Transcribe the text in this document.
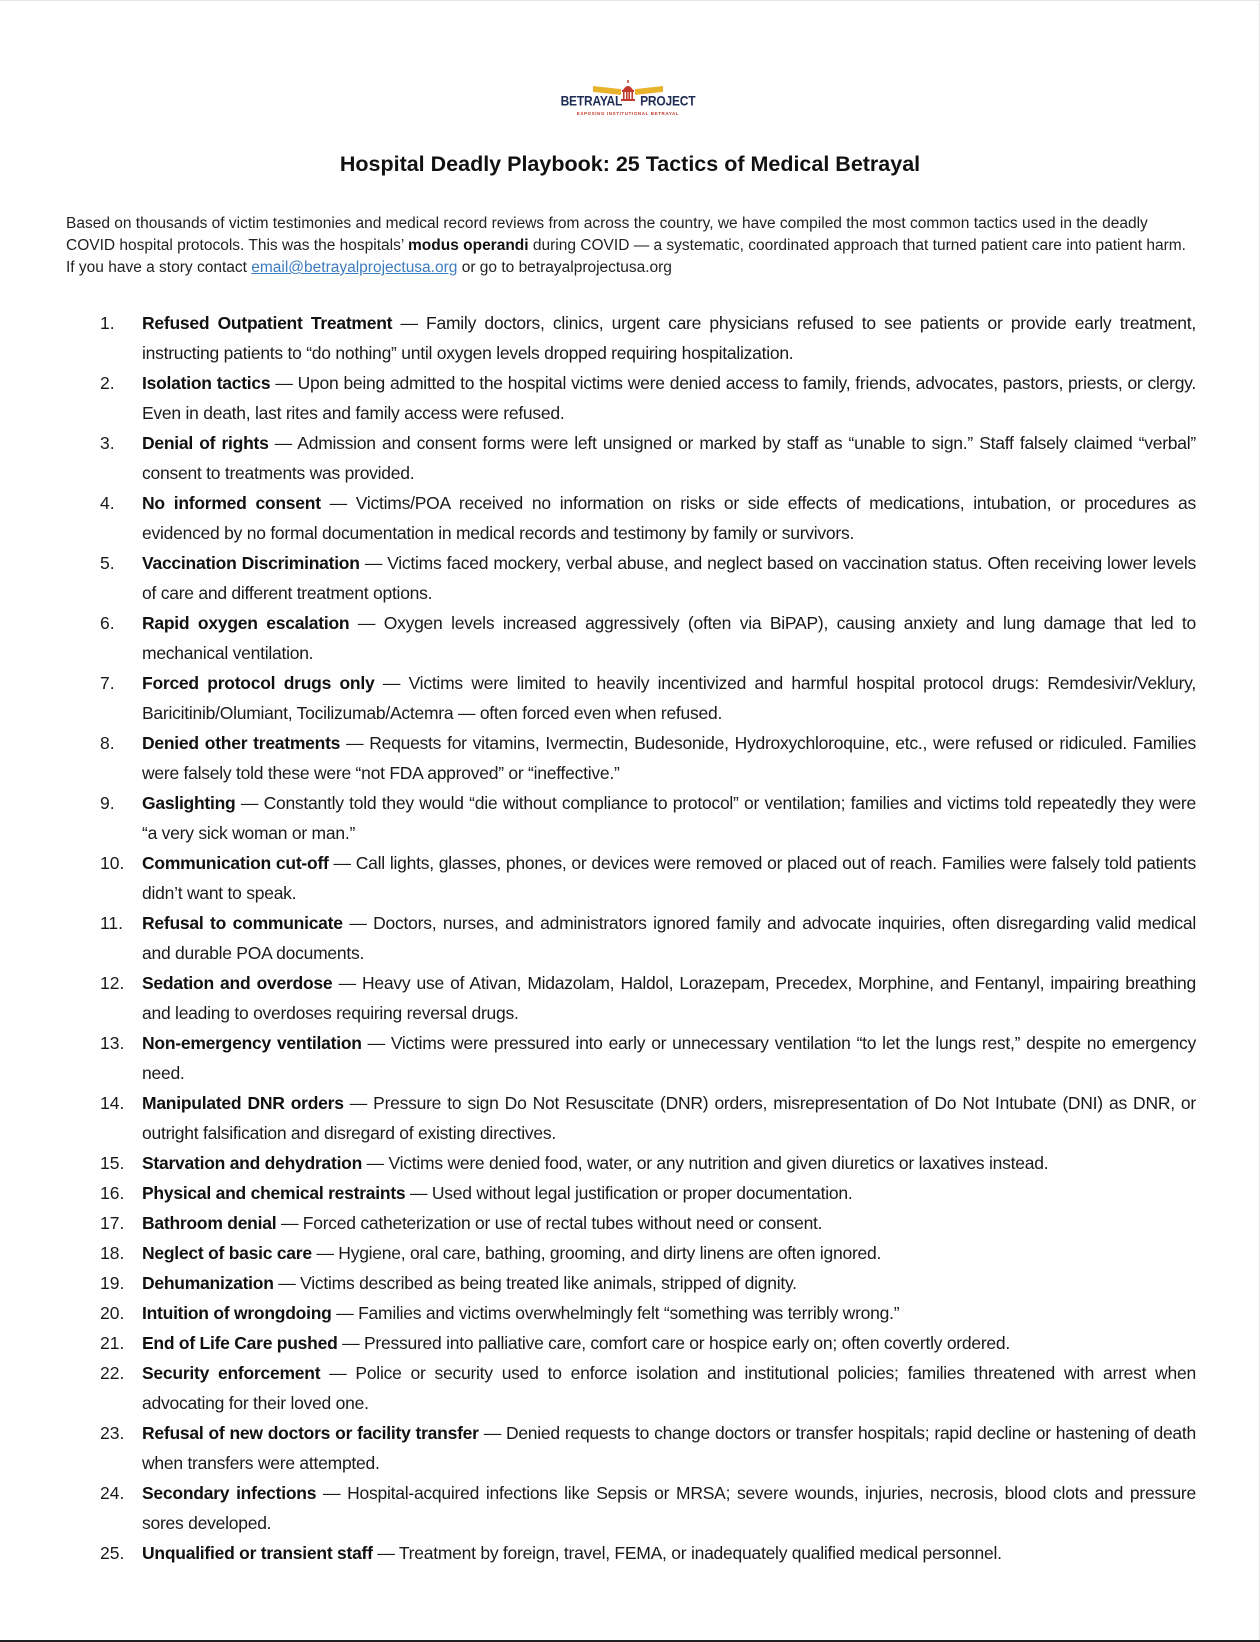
BETRAYAL PROJECT
EXPOSING INSTITUTIONAL BETRAYAL
Hospital Deadly Playbook: 25 Tactics of Medical Betrayal

Based on thousands of victim testimonies and medical record reviews from across the country, we have compiled the most common tactics used in the deadly COVID hospital protocols. This was the hospitals’ modus operandi during COVID — a systematic, coordinated approach that turned patient care into patient harm. If you have a story contact email@betrayalprojectusa.org or go to betrayalprojectusa.org

1.	Refused Outpatient Treatment — Family doctors, clinics, urgent care physicians refused to see patients or provide early treatment, instructing patients to “do nothing” until oxygen levels dropped requiring hospitalization.
2.	Isolation tactics — Upon being admitted to the hospital victims were denied access to family, friends, advocates, pastors, priests, or clergy. Even in death, last rites and family access were refused.
3.	Denial of rights — Admission and consent forms were left unsigned or marked by staff as “unable to sign.” Staff falsely claimed “verbal” consent to treatments was provided.
4.	No informed consent — Victims/POA received no information on risks or side effects of medications, intubation, or procedures as evidenced by no formal documentation in medical records and testimony by family or survivors.
5.	Vaccination Discrimination — Victims faced mockery, verbal abuse, and neglect based on vaccination status. Often receiving lower levels of care and different treatment options.
6.	Rapid oxygen escalation — Oxygen levels increased aggressively (often via BiPAP), causing anxiety and lung damage that led to mechanical ventilation.
7.	Forced protocol drugs only — Victims were limited to heavily incentivized and harmful hospital protocol drugs: Remdesivir/Veklury, Baricitinib/Olumiant, Tocilizumab/Actemra — often forced even when refused.
8.	Denied other treatments — Requests for vitamins, Ivermectin, Budesonide, Hydroxychloroquine, etc., were refused or ridiculed. Families were falsely told these were “not FDA approved” or “ineffective.”
9.	Gaslighting — Constantly told they would “die without compliance to protocol” or ventilation; families and victims told repeatedly they were “a very sick woman or man.”
10.	Communication cut-off — Call lights, glasses, phones, or devices were removed or placed out of reach. Families were falsely told patients didn’t want to speak.
11.	Refusal to communicate — Doctors, nurses, and administrators ignored family and advocate inquiries, often disregarding valid medical and durable POA documents.
12.	Sedation and overdose — Heavy use of Ativan, Midazolam, Haldol, Lorazepam, Precedex, Morphine, and Fentanyl, impairing breathing and leading to overdoses requiring reversal drugs.
13.	Non-emergency ventilation — Victims were pressured into early or unnecessary ventilation “to let the lungs rest,” despite no emergency need.
14.	Manipulated DNR orders — Pressure to sign Do Not Resuscitate (DNR) orders, misrepresentation of Do Not Intubate (DNI) as DNR, or outright falsification and disregard of existing directives.
15.	Starvation and dehydration — Victims were denied food, water, or any nutrition and given diuretics or laxatives instead.
16.	Physical and chemical restraints — Used without legal justification or proper documentation.
17.	Bathroom denial — Forced catheterization or use of rectal tubes without need or consent.
18.	Neglect of basic care — Hygiene, oral care, bathing, grooming, and dirty linens are often ignored.
19.	Dehumanization — Victims described as being treated like animals, stripped of dignity.
20.	Intuition of wrongdoing — Families and victims overwhelmingly felt “something was terribly wrong.”
21.	End of Life Care pushed — Pressured into palliative care, comfort care or hospice early on; often covertly ordered.
22.	Security enforcement — Police or security used to enforce isolation and institutional policies; families threatened with arrest when advocating for their loved one.
23.	Refusal of new doctors or facility transfer — Denied requests to change doctors or transfer hospitals; rapid decline or hastening of death when transfers were attempted.
24.	Secondary infections — Hospital-acquired infections like Sepsis or MRSA; severe wounds, injuries, necrosis, blood clots and pressure sores developed.
25.	Unqualified or transient staff — Treatment by foreign, travel, FEMA, or inadequately qualified medical personnel.
